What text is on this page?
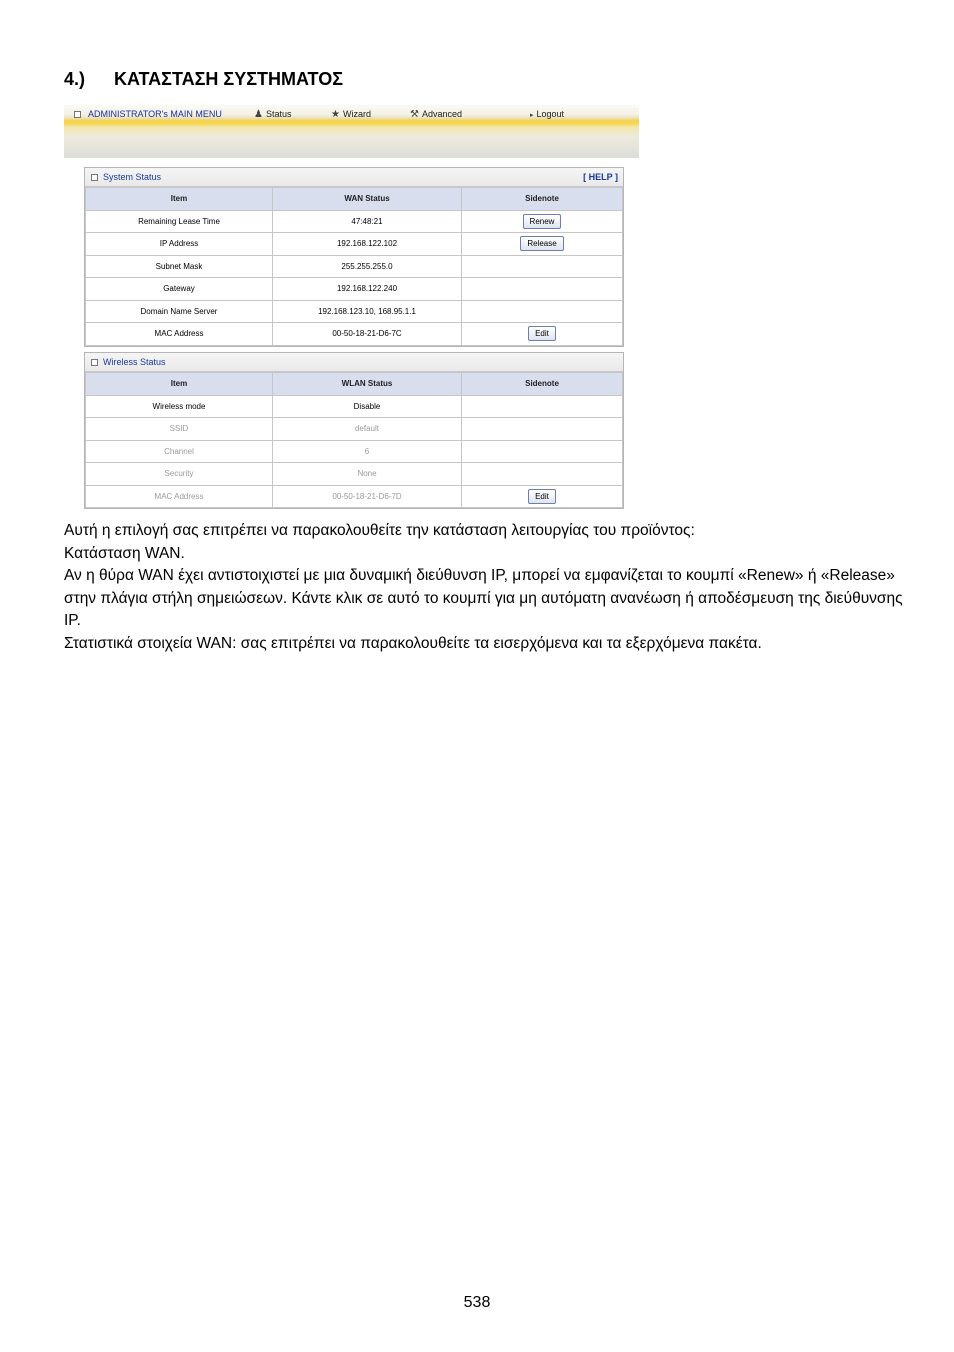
4.) ΚΑΤΑΣΤΑΣΗ ΣΥΣΤΗΜΑΤΟΣ
ADMINISTRATOR's MAIN MENU	♟ Status	★ Wizard	⚒ Advanced	▸ Logout
System Status	[ HELP ]
Item	WAN Status	Sidenote
Remaining Lease Time	47:48:21	Renew
IP Address	192.168.122.102	Release
Subnet Mask	255.255.255.0	
Gateway	192.168.122.240	
Domain Name Server	192.168.123.10, 168.95.1.1	
MAC Address	00-50-18-21-D6-7C	Edit
Wireless Status
Item	WLAN Status	Sidenote
Wireless mode	Disable	
SSID	default	
Channel	6	
Security	None	
MAC Address	00-50-18-21-D6-7D	Edit

Αυτή η επιλογή σας επιτρέπει να παρακολουθείτε την κατάσταση λειτουργίας του προϊόντος:

Κατάσταση WAN.

Αν η θύρα WAN έχει αντιστοιχιστεί με μια δυναμική διεύθυνση IP, μπορεί να εμφανίζεται το κουμπί «Renew» ή «Release» στην πλάγια στήλη σημειώσεων. Κάντε κλικ σε αυτό το κουμπί για μη αυτόματη ανανέωση ή αποδέσμευση της διεύθυνσης IP.

Στατιστικά στοιχεία WAN: σας επιτρέπει να παρακολουθείτε τα εισερχόμενα και τα εξερχόμενα πακέτα.

538
